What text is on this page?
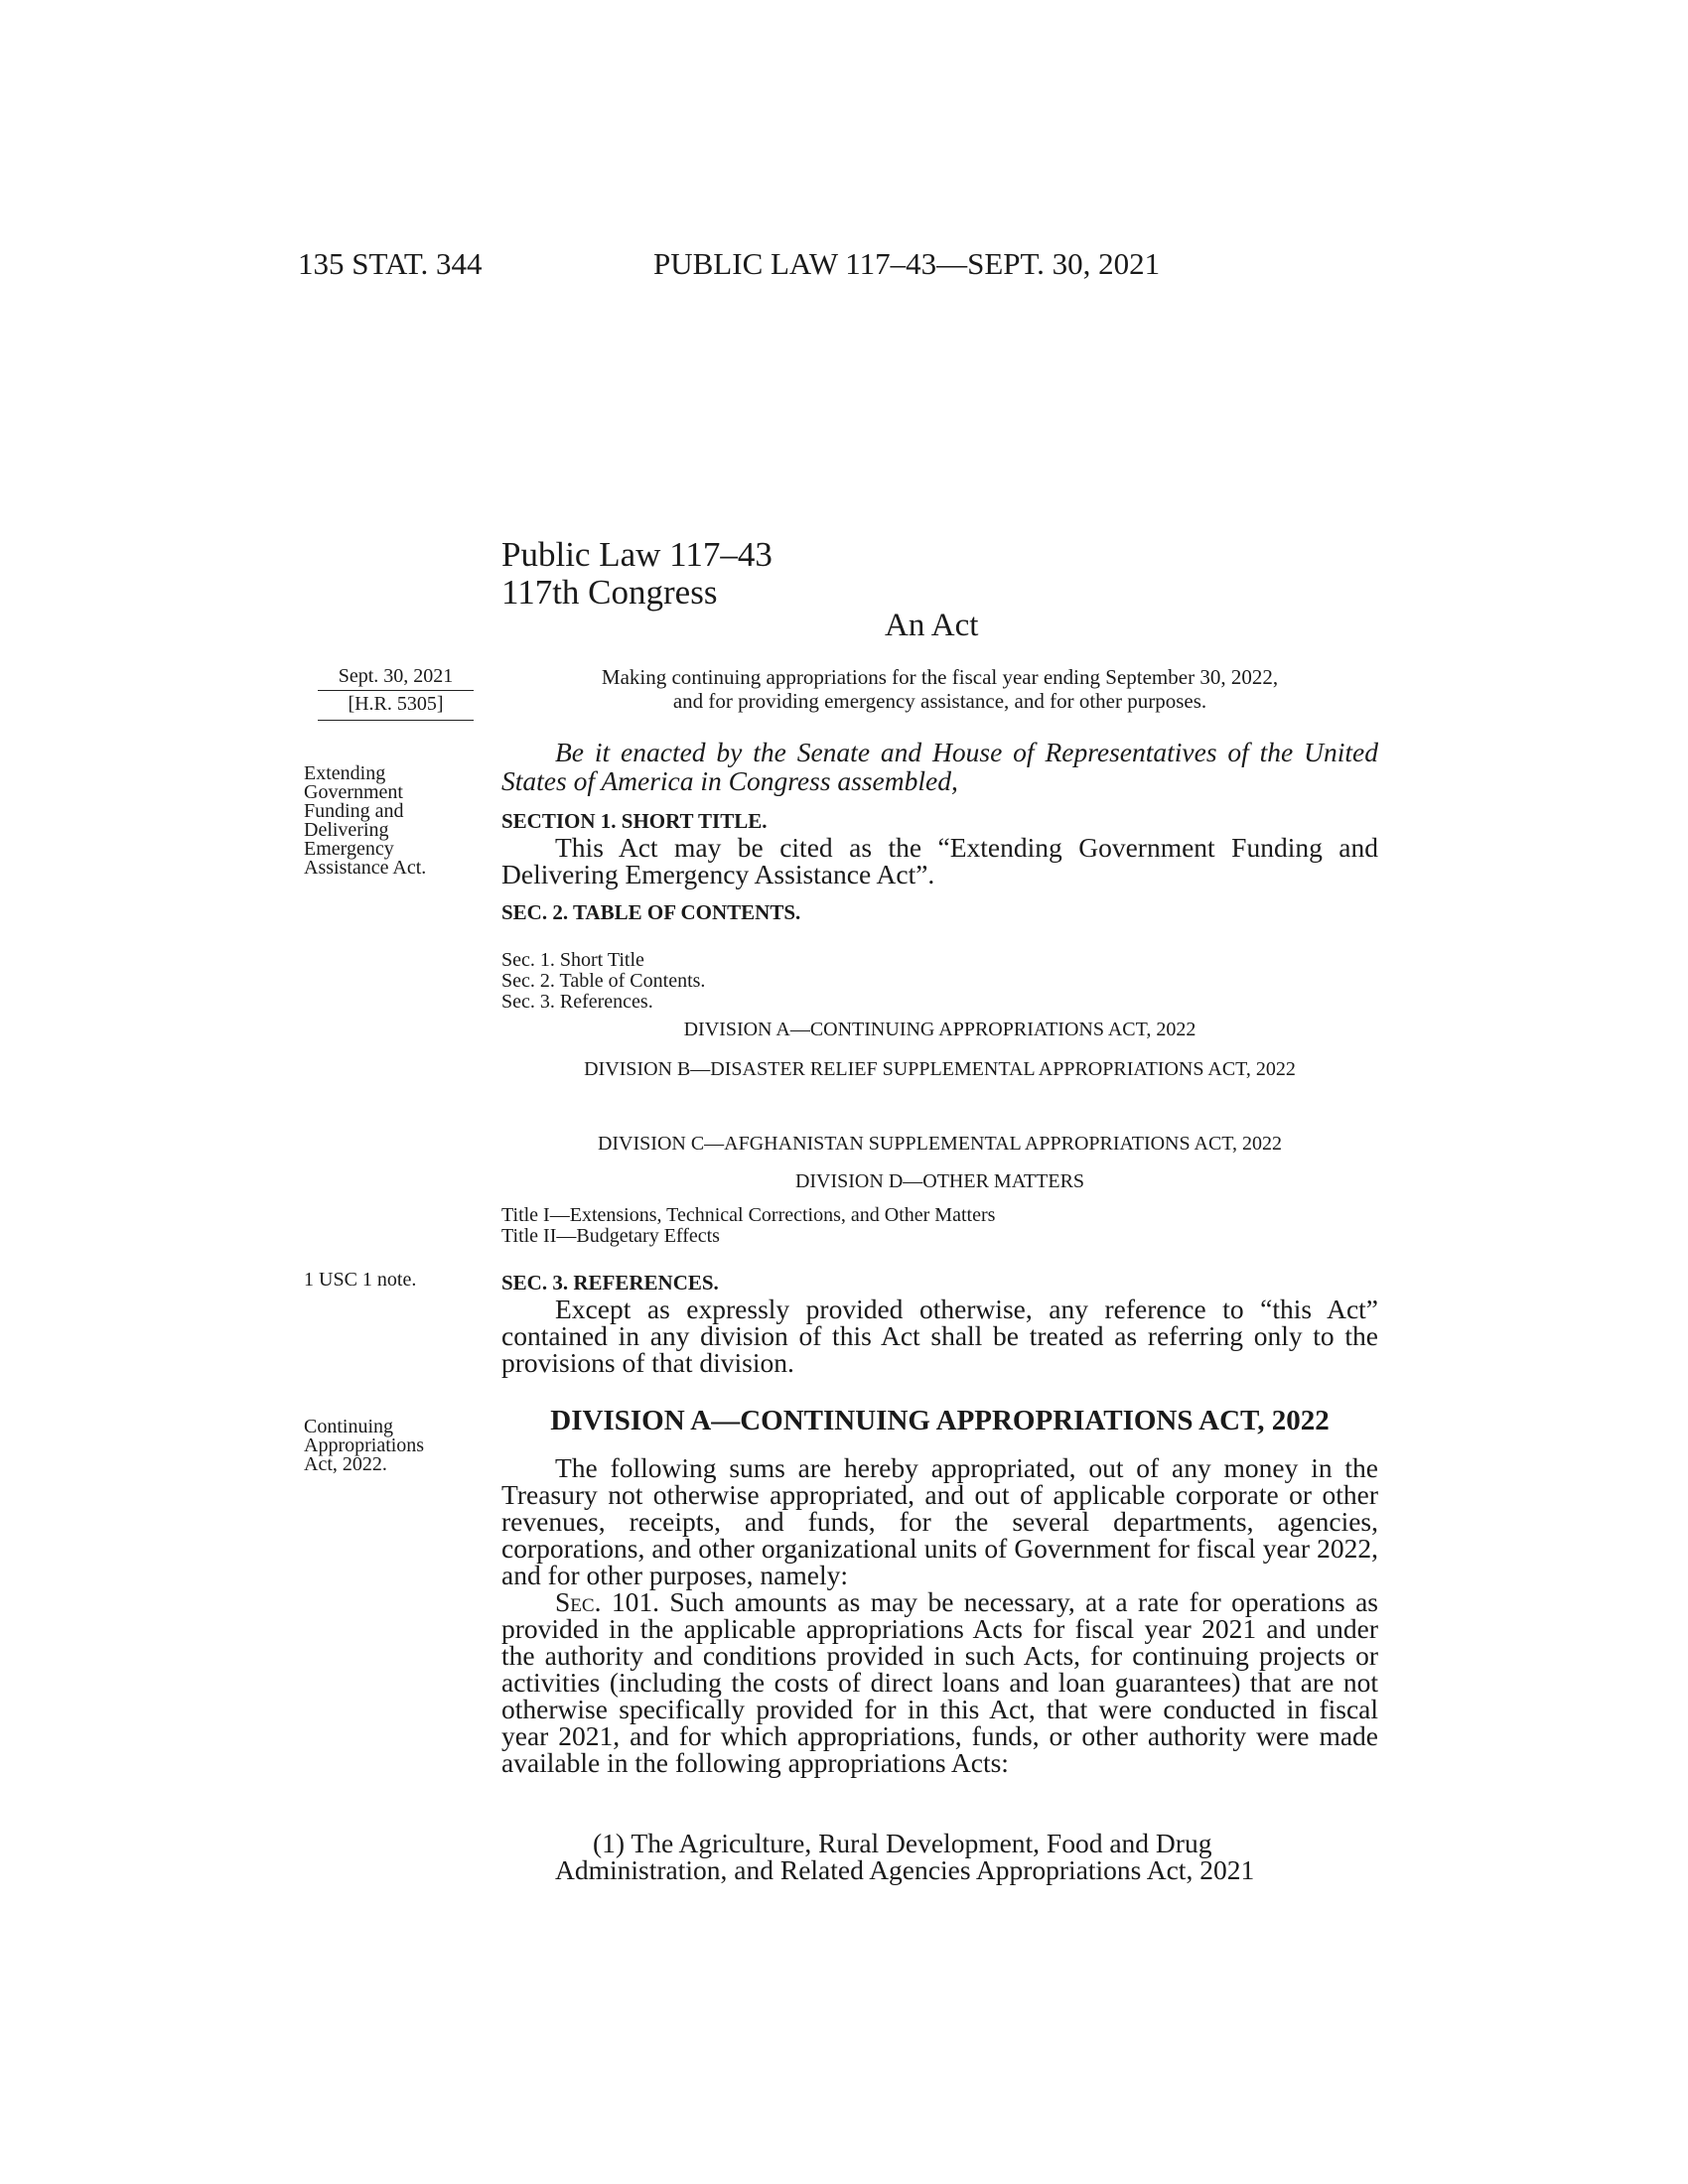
135 STAT. 344	PUBLIC LAW 117–43—SEPT. 30, 2021
Public Law 117–43
117th Congress
An Act
Sept. 30, 2021
[H.R. 5305]
Extending
Government
Funding and
Delivering
Emergency
Assistance Act.
1 USC 1 note.
Continuing
Appropriations
Act, 2022.
Making continuing appropriations for the fiscal year ending September 30, 2022,
and for providing emergency assistance, and for other purposes.
Be it enacted by the Senate and House of Representatives of the United States of America in Congress assembled,
SECTION 1. SHORT TITLE.
This Act may be cited as the “Extending Government Funding and Delivering Emergency Assistance Act”.
SEC. 2. TABLE OF CONTENTS.
Sec. 1. Short Title
Sec. 2. Table of Contents.
Sec. 3. References.
DIVISION A—CONTINUING APPROPRIATIONS ACT, 2022
DIVISION B—DISASTER RELIEF SUPPLEMENTAL APPROPRIATIONS ACT, 2022
DIVISION C—AFGHANISTAN SUPPLEMENTAL APPROPRIATIONS ACT, 2022
DIVISION D—OTHER MATTERS
Title I—Extensions, Technical Corrections, and Other Matters
Title II—Budgetary Effects
SEC. 3. REFERENCES.
Except as expressly provided otherwise, any reference to “this Act” contained in any division of this Act shall be treated as referring only to the provisions of that division.
DIVISION A—CONTINUING APPROPRIATIONS ACT, 2022
The following sums are hereby appropriated, out of any money in the Treasury not otherwise appropriated, and out of applicable corporate or other revenues, receipts, and funds, for the several departments, agencies, corporations, and other organizational units of Government for fiscal year 2022, and for other purposes, namely:
Sec. 101. Such amounts as may be necessary, at a rate for operations as provided in the applicable appropriations Acts for fiscal year 2021 and under the authority and conditions provided in such Acts, for continuing projects or activities (including the costs of direct loans and loan guarantees) that are not otherwise specifically provided for in this Act, that were conducted in fiscal year 2021, and for which appropriations, funds, or other authority were made available in the following appropriations Acts:
(1) The Agriculture, Rural Development, Food and Drug
Administration, and Related Agencies Appropriations Act, 2021
